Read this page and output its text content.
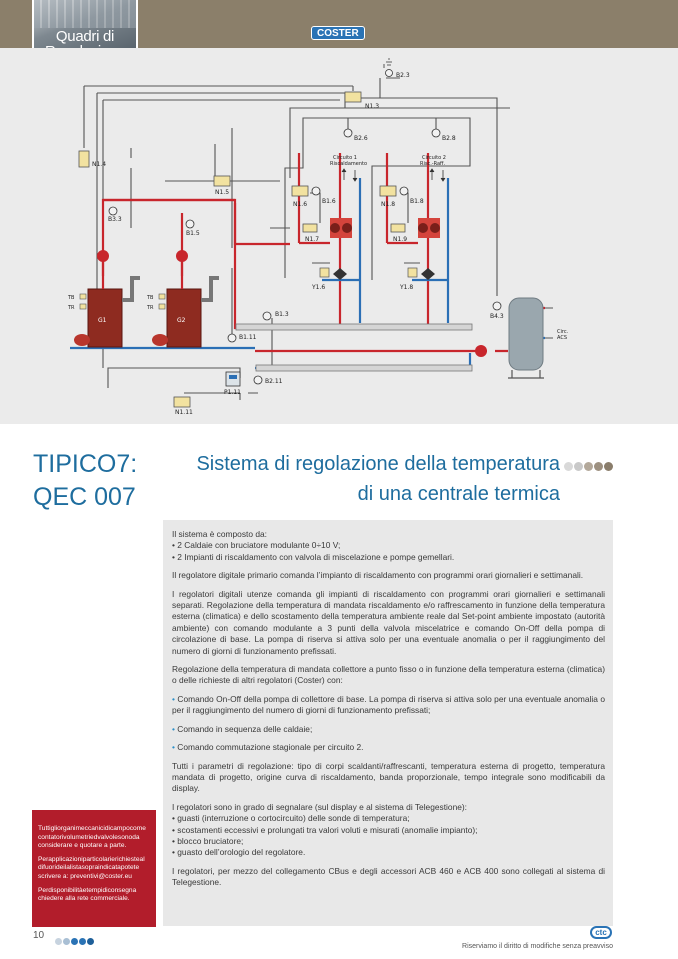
Quadri di	COSTER
G1	G2
TB
TR
TB
TR
B2.3
N1.3
N1.4
N1.5
B2.6	B2.8
Circuito 1
Riscaldamento
Circuito 2
Risc.-Raff.
B3.3
B1.5
N1.6 B1.6	N1.8 B1.8
N1.7	N1.9
Y1.6	Y1.8
B1.3
B1.11
P1.11
B2.11
N1.11
B4.3
Circ.
ACS
TIPICO7:
QEC 007
Sistema di regolazione della temperatura
di una centrale termica

Il sistema è composto da:

• 2 Caldaie con bruciatore modulante 0÷10 V;

• 2 Impianti di riscaldamento con valvola di miscelazione e pompe gemellari.

Il regolatore digitale primario comanda l’impianto di riscaldamento con programmi orari giornalieri e settimanali.

I regolatori digitali utenze comanda gli impianti di riscaldamento con programmi orari giornalieri e settimanali separati. Regolazione della temperatura di mandata riscaldamento e/o raffrescamento in funzione della temperatura esterna (climatica) e dello scostamento della temperatura ambiente reale dal Set-point ambiente impostato (autorità ambiente) con comando modulante a 3 punti della valvola miscelatrice e comando On-Off della pompa di circolazione di base. La pompa di riserva si attiva solo per una eventuale anomalia o per il raggiungimento del numero di giorni di funzionamento prefissati.

Regolazione della temperatura di mandata collettore a punto fisso o in funzione della temperatura esterna (climatica) o delle richieste di altri regolatori (Coster) con:

• Comando On-Off della pompa di collettore di base. La pompa di riserva si attiva solo per una eventuale anomalia o per il raggiungimento del numero di giorni di funzionamento prefissati;

• Comando in sequenza delle caldaie;

• Comando commutazione stagionale per circuito 2.

Tutti i parametri di regolazione: tipo di corpi scaldanti/raffrescanti, temperatura esterna di progetto, temperatura mandata di progetto, origine curva di riscaldamento, banda proporzionale, tempo integrale sono modificabili da display.

I regolatori sono in grado di segnalare (sul display e al sistema di Telegestione):

• guasti (interruzione o cortocircuito) delle sonde di temperatura;

• scostamenti eccessivi e prolungati tra valori voluti e misurati (anomalie impianto);

• blocco bruciatore;

• guasto dell’orologio del regolatore.

I regolatori, per mezzo del collegamento CBus e degli accessori ACB 460 e ACB 400 sono collegati al sistema di Telegestione.

Tuttigliorganimeccanicidicampocome contatorivolumetriedvalvolesonoda considerare e quotare a parte.

Perapplicazioniparticolarierichiesteal difuorideilalistasopraindicatapotete scrivere a: preventivi@coster.eu

Perdisponibilitàetempidiconsegna chiedere alla rete commerciale.

10	ctc
Riserviamo il diritto di modifiche senza preavviso
